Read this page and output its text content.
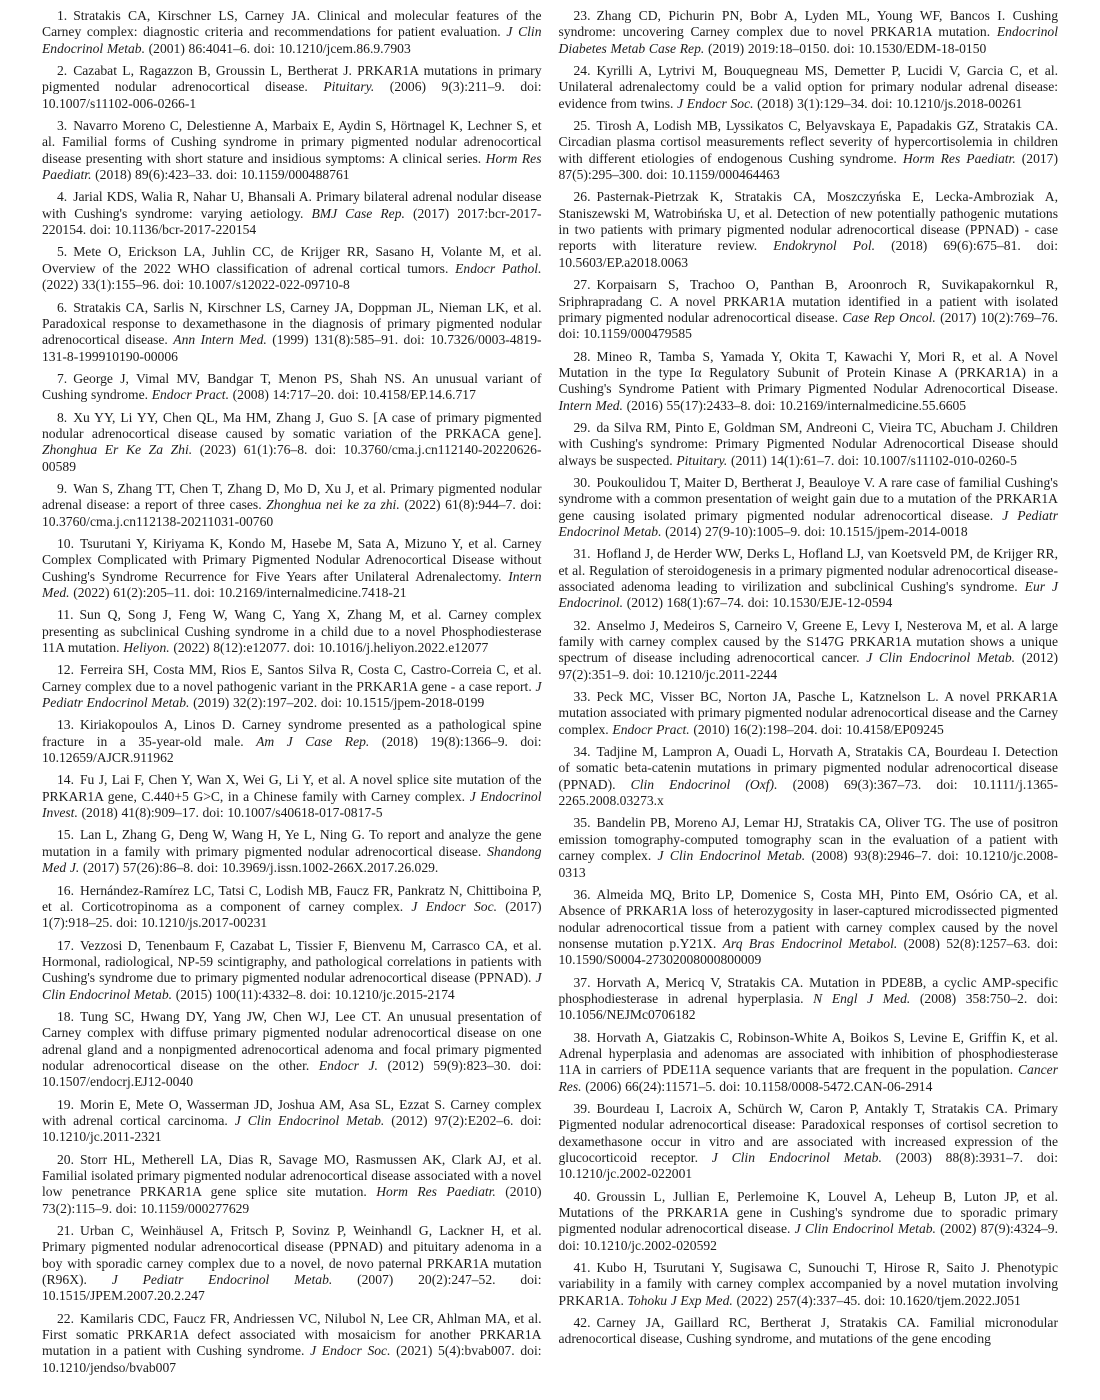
1. Stratakis CA, Kirschner LS, Carney JA. Clinical and molecular features of the Carney complex: diagnostic criteria and recommendations for patient evaluation. J Clin Endocrinol Metab. (2001) 86:4041–6. doi: 10.1210/jcem.86.9.7903

2. Cazabat L, Ragazzon B, Groussin L, Bertherat J. PRKAR1A mutations in primary pigmented nodular adrenocortical disease. Pituitary. (2006) 9(3):211–9. doi: 10.1007/s11102-006-0266-1

3. Navarro Moreno C, Delestienne A, Marbaix E, Aydin S, Hörtnagel K, Lechner S, et al. Familial forms of Cushing syndrome in primary pigmented nodular adrenocortical disease presenting with short stature and insidious symptoms: A clinical series. Horm Res Paediatr. (2018) 89(6):423–33. doi: 10.1159/000488761

4. Jarial KDS, Walia R, Nahar U, Bhansali A. Primary bilateral adrenal nodular disease with Cushing's syndrome: varying aetiology. BMJ Case Rep. (2017) 2017:bcr-2017-220154. doi: 10.1136/bcr-2017-220154

5. Mete O, Erickson LA, Juhlin CC, de Krijger RR, Sasano H, Volante M, et al. Overview of the 2022 WHO classification of adrenal cortical tumors. Endocr Pathol. (2022) 33(1):155–96. doi: 10.1007/s12022-022-09710-8

6. Stratakis CA, Sarlis N, Kirschner LS, Carney JA, Doppman JL, Nieman LK, et al. Paradoxical response to dexamethasone in the diagnosis of primary pigmented nodular adrenocortical disease. Ann Intern Med. (1999) 131(8):585–91. doi: 10.7326/0003-4819-131-8-199910190-00006

7. George J, Vimal MV, Bandgar T, Menon PS, Shah NS. An unusual variant of Cushing syndrome. Endocr Pract. (2008) 14:717–20. doi: 10.4158/EP.14.6.717

8. Xu YY, Li YY, Chen QL, Ma HM, Zhang J, Guo S. [A case of primary pigmented nodular adrenocortical disease caused by somatic variation of the PRKACA gene]. Zhonghua Er Ke Za Zhi. (2023) 61(1):76–8. doi: 10.3760/cma.j.cn112140-20220626-00589

9. Wan S, Zhang TT, Chen T, Zhang D, Mo D, Xu J, et al. Primary pigmented nodular adrenal disease: a report of three cases. Zhonghua nei ke za zhi. (2022) 61(8):944–7. doi: 10.3760/cma.j.cn112138-20211031-00760

10. Tsurutani Y, Kiriyama K, Kondo M, Hasebe M, Sata A, Mizuno Y, et al. Carney Complex Complicated with Primary Pigmented Nodular Adrenocortical Disease without Cushing's Syndrome Recurrence for Five Years after Unilateral Adrenalectomy. Intern Med. (2022) 61(2):205–11. doi: 10.2169/internalmedicine.7418-21

11. Sun Q, Song J, Feng W, Wang C, Yang X, Zhang M, et al. Carney complex presenting as subclinical Cushing syndrome in a child due to a novel Phosphodiesterase 11A mutation. Heliyon. (2022) 8(12):e12077. doi: 10.1016/j.heliyon.2022.e12077

12. Ferreira SH, Costa MM, Rios E, Santos Silva R, Costa C, Castro-Correia C, et al. Carney complex due to a novel pathogenic variant in the PRKAR1A gene - a case report. J Pediatr Endocrinol Metab. (2019) 32(2):197–202. doi: 10.1515/jpem-2018-0199

13. Kiriakopoulos A, Linos D. Carney syndrome presented as a pathological spine fracture in a 35-year-old male. Am J Case Rep. (2018) 19(8):1366–9. doi: 10.12659/AJCR.911962

14. Fu J, Lai F, Chen Y, Wan X, Wei G, Li Y, et al. A novel splice site mutation of the PRKAR1A gene, C.440+5 G>C, in a Chinese family with Carney complex. J Endocrinol Invest. (2018) 41(8):909–17. doi: 10.1007/s40618-017-0817-5

15. Lan L, Zhang G, Deng W, Wang H, Ye L, Ning G. To report and analyze the gene mutation in a family with primary pigmented nodular adrenocortical disease. Shandong Med J. (2017) 57(26):86–8. doi: 10.3969/j.issn.1002-266X.2017.26.029.

16. Hernández-Ramírez LC, Tatsi C, Lodish MB, Faucz FR, Pankratz N, Chittiboina P, et al. Corticotropinoma as a component of carney complex. J Endocr Soc. (2017) 1(7):918–25. doi: 10.1210/js.2017-00231

17. Vezzosi D, Tenenbaum F, Cazabat L, Tissier F, Bienvenu M, Carrasco CA, et al. Hormonal, radiological, NP-59 scintigraphy, and pathological correlations in patients with Cushing's syndrome due to primary pigmented nodular adrenocortical disease (PPNAD). J Clin Endocrinol Metab. (2015) 100(11):4332–8. doi: 10.1210/jc.2015-2174

18. Tung SC, Hwang DY, Yang JW, Chen WJ, Lee CT. An unusual presentation of Carney complex with diffuse primary pigmented nodular adrenocortical disease on one adrenal gland and a nonpigmented adrenocortical adenoma and focal primary pigmented nodular adrenocortical disease on the other. Endocr J. (2012) 59(9):823–30. doi: 10.1507/endocrj.EJ12-0040

19. Morin E, Mete O, Wasserman JD, Joshua AM, Asa SL, Ezzat S. Carney complex with adrenal cortical carcinoma. J Clin Endocrinol Metab. (2012) 97(2):E202–6. doi: 10.1210/jc.2011-2321

20. Storr HL, Metherell LA, Dias R, Savage MO, Rasmussen AK, Clark AJ, et al. Familial isolated primary pigmented nodular adrenocortical disease associated with a novel low penetrance PRKAR1A gene splice site mutation. Horm Res Paediatr. (2010) 73(2):115–9. doi: 10.1159/000277629

21. Urban C, Weinhäusel A, Fritsch P, Sovinz P, Weinhandl G, Lackner H, et al. Primary pigmented nodular adrenocortical disease (PPNAD) and pituitary adenoma in a boy with sporadic carney complex due to a novel, de novo paternal PRKAR1A mutation (R96X). J Pediatr Endocrinol Metab. (2007) 20(2):247–52. doi: 10.1515/JPEM.2007.20.2.247

22. Kamilaris CDC, Faucz FR, Andriessen VC, Nilubol N, Lee CR, Ahlman MA, et al. First somatic PRKAR1A defect associated with mosaicism for another PRKAR1A mutation in a patient with Cushing syndrome. J Endocr Soc. (2021) 5(4):bvab007. doi: 10.1210/jendso/bvab007

23. Zhang CD, Pichurin PN, Bobr A, Lyden ML, Young WF, Bancos I. Cushing syndrome: uncovering Carney complex due to novel PRKAR1A mutation. Endocrinol Diabetes Metab Case Rep. (2019) 2019:18–0150. doi: 10.1530/EDM-18-0150

24. Kyrilli A, Lytrivi M, Bouquegneau MS, Demetter P, Lucidi V, Garcia C, et al. Unilateral adrenalectomy could be a valid option for primary nodular adrenal disease: evidence from twins. J Endocr Soc. (2018) 3(1):129–34. doi: 10.1210/js.2018-00261

25. Tirosh A, Lodish MB, Lyssikatos C, Belyavskaya E, Papadakis GZ, Stratakis CA. Circadian plasma cortisol measurements reflect severity of hypercortisolemia in children with different etiologies of endogenous Cushing syndrome. Horm Res Paediatr. (2017) 87(5):295–300. doi: 10.1159/000464463

26. Pasternak-Pietrzak K, Stratakis CA, Moszczyńska E, Lecka-Ambroziak A, Staniszewski M, Watrobińska U, et al. Detection of new potentially pathogenic mutations in two patients with primary pigmented nodular adrenocortical disease (PPNAD) - case reports with literature review. Endokrynol Pol. (2018) 69(6):675–81. doi: 10.5603/EP.a2018.0063

27. Korpaisarn S, Trachoo O, Panthan B, Aroonroch R, Suvikapakornkul R, Sriphrapradang C. A novel PRKAR1A mutation identified in a patient with isolated primary pigmented nodular adrenocortical disease. Case Rep Oncol. (2017) 10(2):769–76. doi: 10.1159/000479585

28. Mineo R, Tamba S, Yamada Y, Okita T, Kawachi Y, Mori R, et al. A Novel Mutation in the type Iα Regulatory Subunit of Protein Kinase A (PRKAR1A) in a Cushing's Syndrome Patient with Primary Pigmented Nodular Adrenocortical Disease. Intern Med. (2016) 55(17):2433–8. doi: 10.2169/internalmedicine.55.6605

29. da Silva RM, Pinto E, Goldman SM, Andreoni C, Vieira TC, Abucham J. Children with Cushing's syndrome: Primary Pigmented Nodular Adrenocortical Disease should always be suspected. Pituitary. (2011) 14(1):61–7. doi: 10.1007/s11102-010-0260-5

30. Poukoulidou T, Maiter D, Bertherat J, Beauloye V. A rare case of familial Cushing's syndrome with a common presentation of weight gain due to a mutation of the PRKAR1A gene causing isolated primary pigmented nodular adrenocortical disease. J Pediatr Endocrinol Metab. (2014) 27(9-10):1005–9. doi: 10.1515/jpem-2014-0018

31. Hofland J, de Herder WW, Derks L, Hofland LJ, van Koetsveld PM, de Krijger RR, et al. Regulation of steroidogenesis in a primary pigmented nodular adrenocortical disease-associated adenoma leading to virilization and subclinical Cushing's syndrome. Eur J Endocrinol. (2012) 168(1):67–74. doi: 10.1530/EJE-12-0594

32. Anselmo J, Medeiros S, Carneiro V, Greene E, Levy I, Nesterova M, et al. A large family with carney complex caused by the S147G PRKAR1A mutation shows a unique spectrum of disease including adrenocortical cancer. J Clin Endocrinol Metab. (2012) 97(2):351–9. doi: 10.1210/jc.2011-2244

33. Peck MC, Visser BC, Norton JA, Pasche L, Katznelson L. A novel PRKAR1A mutation associated with primary pigmented nodular adrenocortical disease and the Carney complex. Endocr Pract. (2010) 16(2):198–204. doi: 10.4158/EP09245

34. Tadjine M, Lampron A, Ouadi L, Horvath A, Stratakis CA, Bourdeau I. Detection of somatic beta-catenin mutations in primary pigmented nodular adrenocortical disease (PPNAD). Clin Endocrinol (Oxf). (2008) 69(3):367–73. doi: 10.1111/j.1365-2265.2008.03273.x

35. Bandelin PB, Moreno AJ, Lemar HJ, Stratakis CA, Oliver TG. The use of positron emission tomography-computed tomography scan in the evaluation of a patient with carney complex. J Clin Endocrinol Metab. (2008) 93(8):2946–7. doi: 10.1210/jc.2008-0313

36. Almeida MQ, Brito LP, Domenice S, Costa MH, Pinto EM, Osório CA, et al. Absence of PRKAR1A loss of heterozygosity in laser-captured microdissected pigmented nodular adrenocortical tissue from a patient with carney complex caused by the novel nonsense mutation p.Y21X. Arq Bras Endocrinol Metabol. (2008) 52(8):1257–63. doi: 10.1590/S0004-27302008000800009

37. Horvath A, Mericq V, Stratakis CA. Mutation in PDE8B, a cyclic AMP-specific phosphodiesterase in adrenal hyperplasia. N Engl J Med. (2008) 358:750–2. doi: 10.1056/NEJMc0706182

38. Horvath A, Giatzakis C, Robinson-White A, Boikos S, Levine E, Griffin K, et al. Adrenal hyperplasia and adenomas are associated with inhibition of phosphodiesterase 11A in carriers of PDE11A sequence variants that are frequent in the population. Cancer Res. (2006) 66(24):11571–5. doi: 10.1158/0008-5472.CAN-06-2914

39. Bourdeau I, Lacroix A, Schürch W, Caron P, Antakly T, Stratakis CA. Primary Pigmented nodular adrenocortical disease: Paradoxical responses of cortisol secretion to dexamethasone occur in vitro and are associated with increased expression of the glucocorticoid receptor. J Clin Endocrinol Metab. (2003) 88(8):3931–7. doi: 10.1210/jc.2002-022001

40. Groussin L, Jullian E, Perlemoine K, Louvel A, Leheup B, Luton JP, et al. Mutations of the PRKAR1A gene in Cushing's syndrome due to sporadic primary pigmented nodular adrenocortical disease. J Clin Endocrinol Metab. (2002) 87(9):4324–9. doi: 10.1210/jc.2002-020592

41. Kubo H, Tsurutani Y, Sugisawa C, Sunouchi T, Hirose R, Saito J. Phenotypic variability in a family with carney complex accompanied by a novel mutation involving PRKAR1A. Tohoku J Exp Med. (2022) 257(4):337–45. doi: 10.1620/tjem.2022.J051

42. Carney JA, Gaillard RC, Bertherat J, Stratakis CA. Familial micronodular adrenocortical disease, Cushing syndrome, and mutations of the gene encoding
